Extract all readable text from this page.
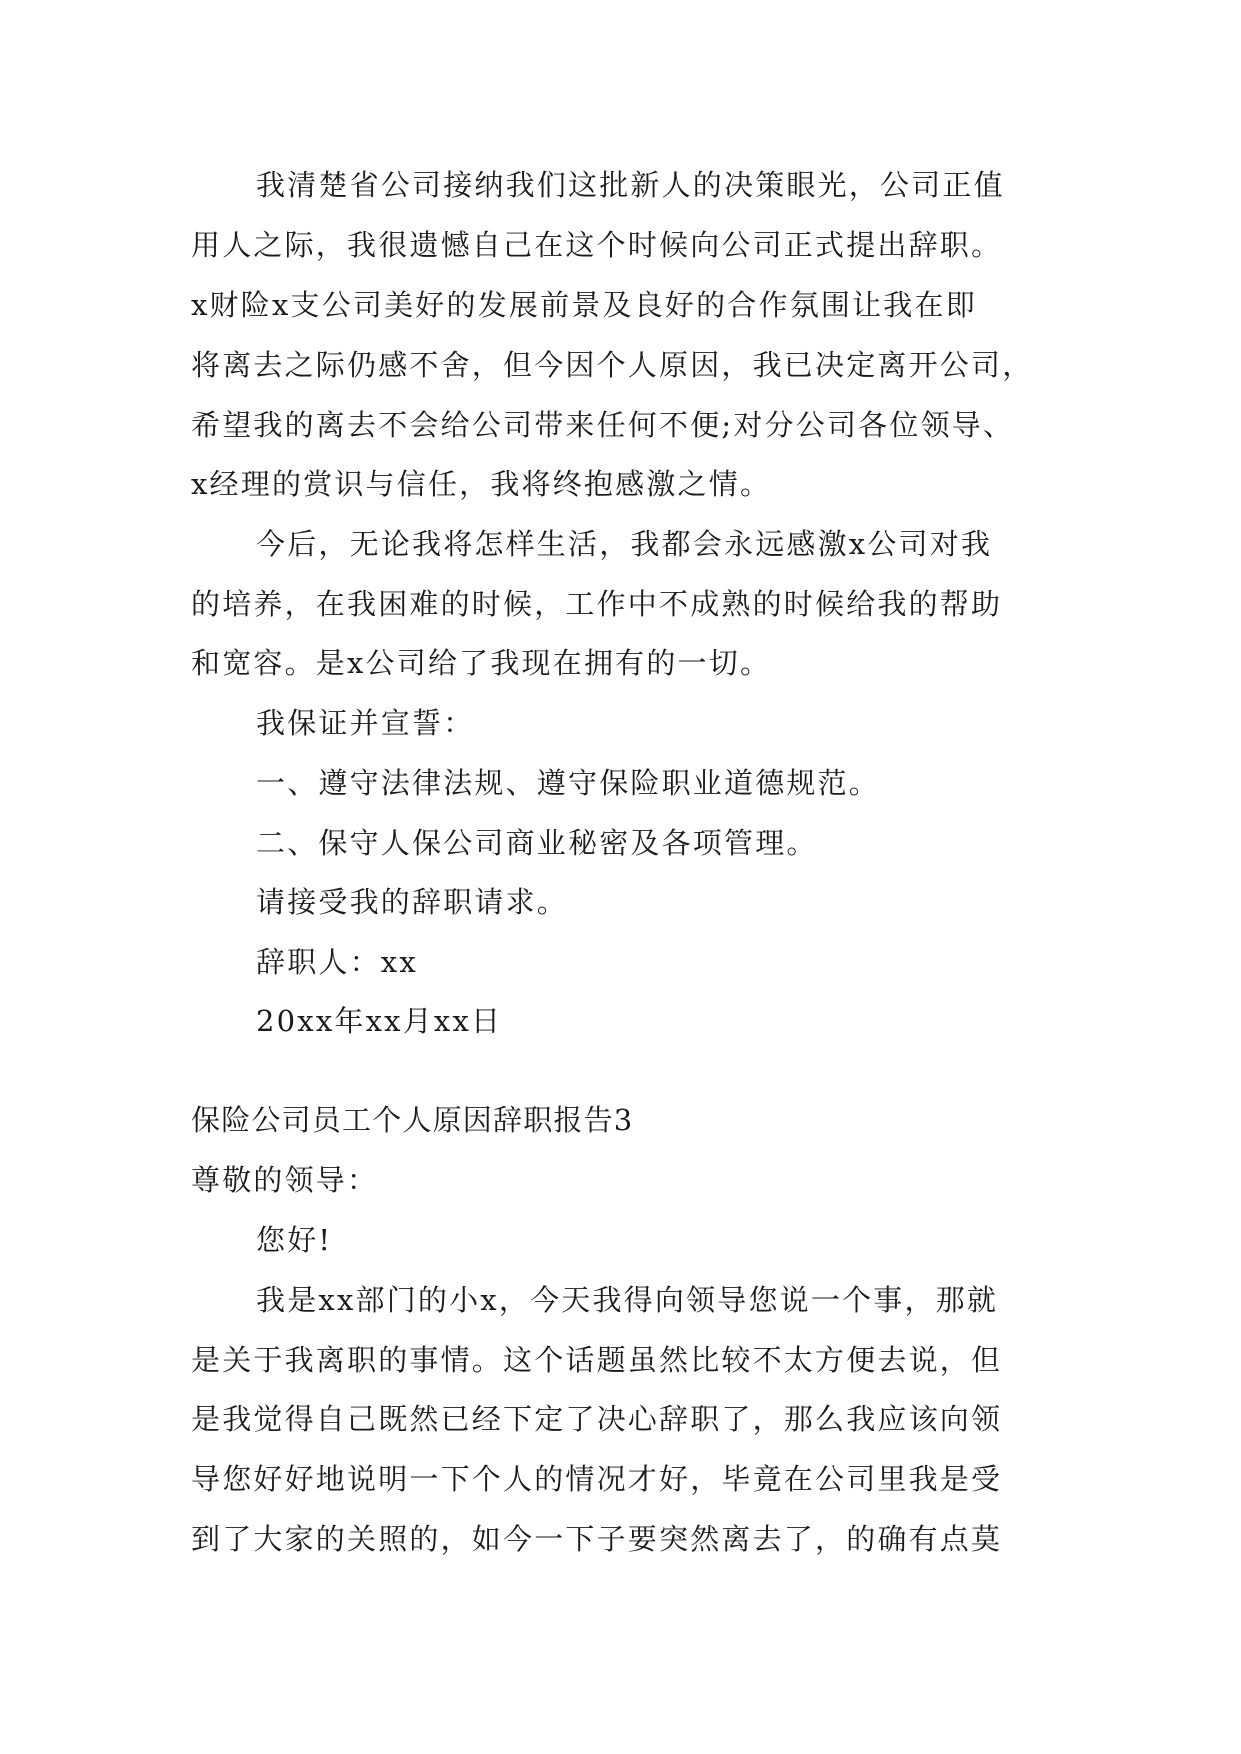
我清楚省公司接纳我们这批新人的决策眼光，公司正值
用人之际，我很遗憾自己在这个时候向公司正式提出辞职。
x财险x支公司美好的发展前景及良好的合作氛围让我在即
将离去之际仍感不舍，但今因个人原因，我已决定离开公司，
希望我的离去不会给公司带来任何不便;对分公司各位领导、
x经理的赏识与信任，我将终抱感激之情。
今后，无论我将怎样生活，我都会永远感激x公司对我
的培养，在我困难的时候，工作中不成熟的时候给我的帮助
和宽容。是x公司给了我现在拥有的一切。
我保证并宣誓：
一、遵守法律法规、遵守保险职业道德规范。
二、保守人保公司商业秘密及各项管理。
请接受我的辞职请求。
辞职人：xx
20xx年xx月xx日
保险公司员工个人原因辞职报告3
尊敬的领导：
您好!
我是xx部门的小x，今天我得向领导您说一个事，那就
是关于我离职的事情。这个话题虽然比较不太方便去说，但
是我觉得自己既然已经下定了决心辞职了，那么我应该向领
导您好好地说明一下个人的情况才好，毕竟在公司里我是受
到了大家的关照的，如今一下子要突然离去了，的确有点莫
